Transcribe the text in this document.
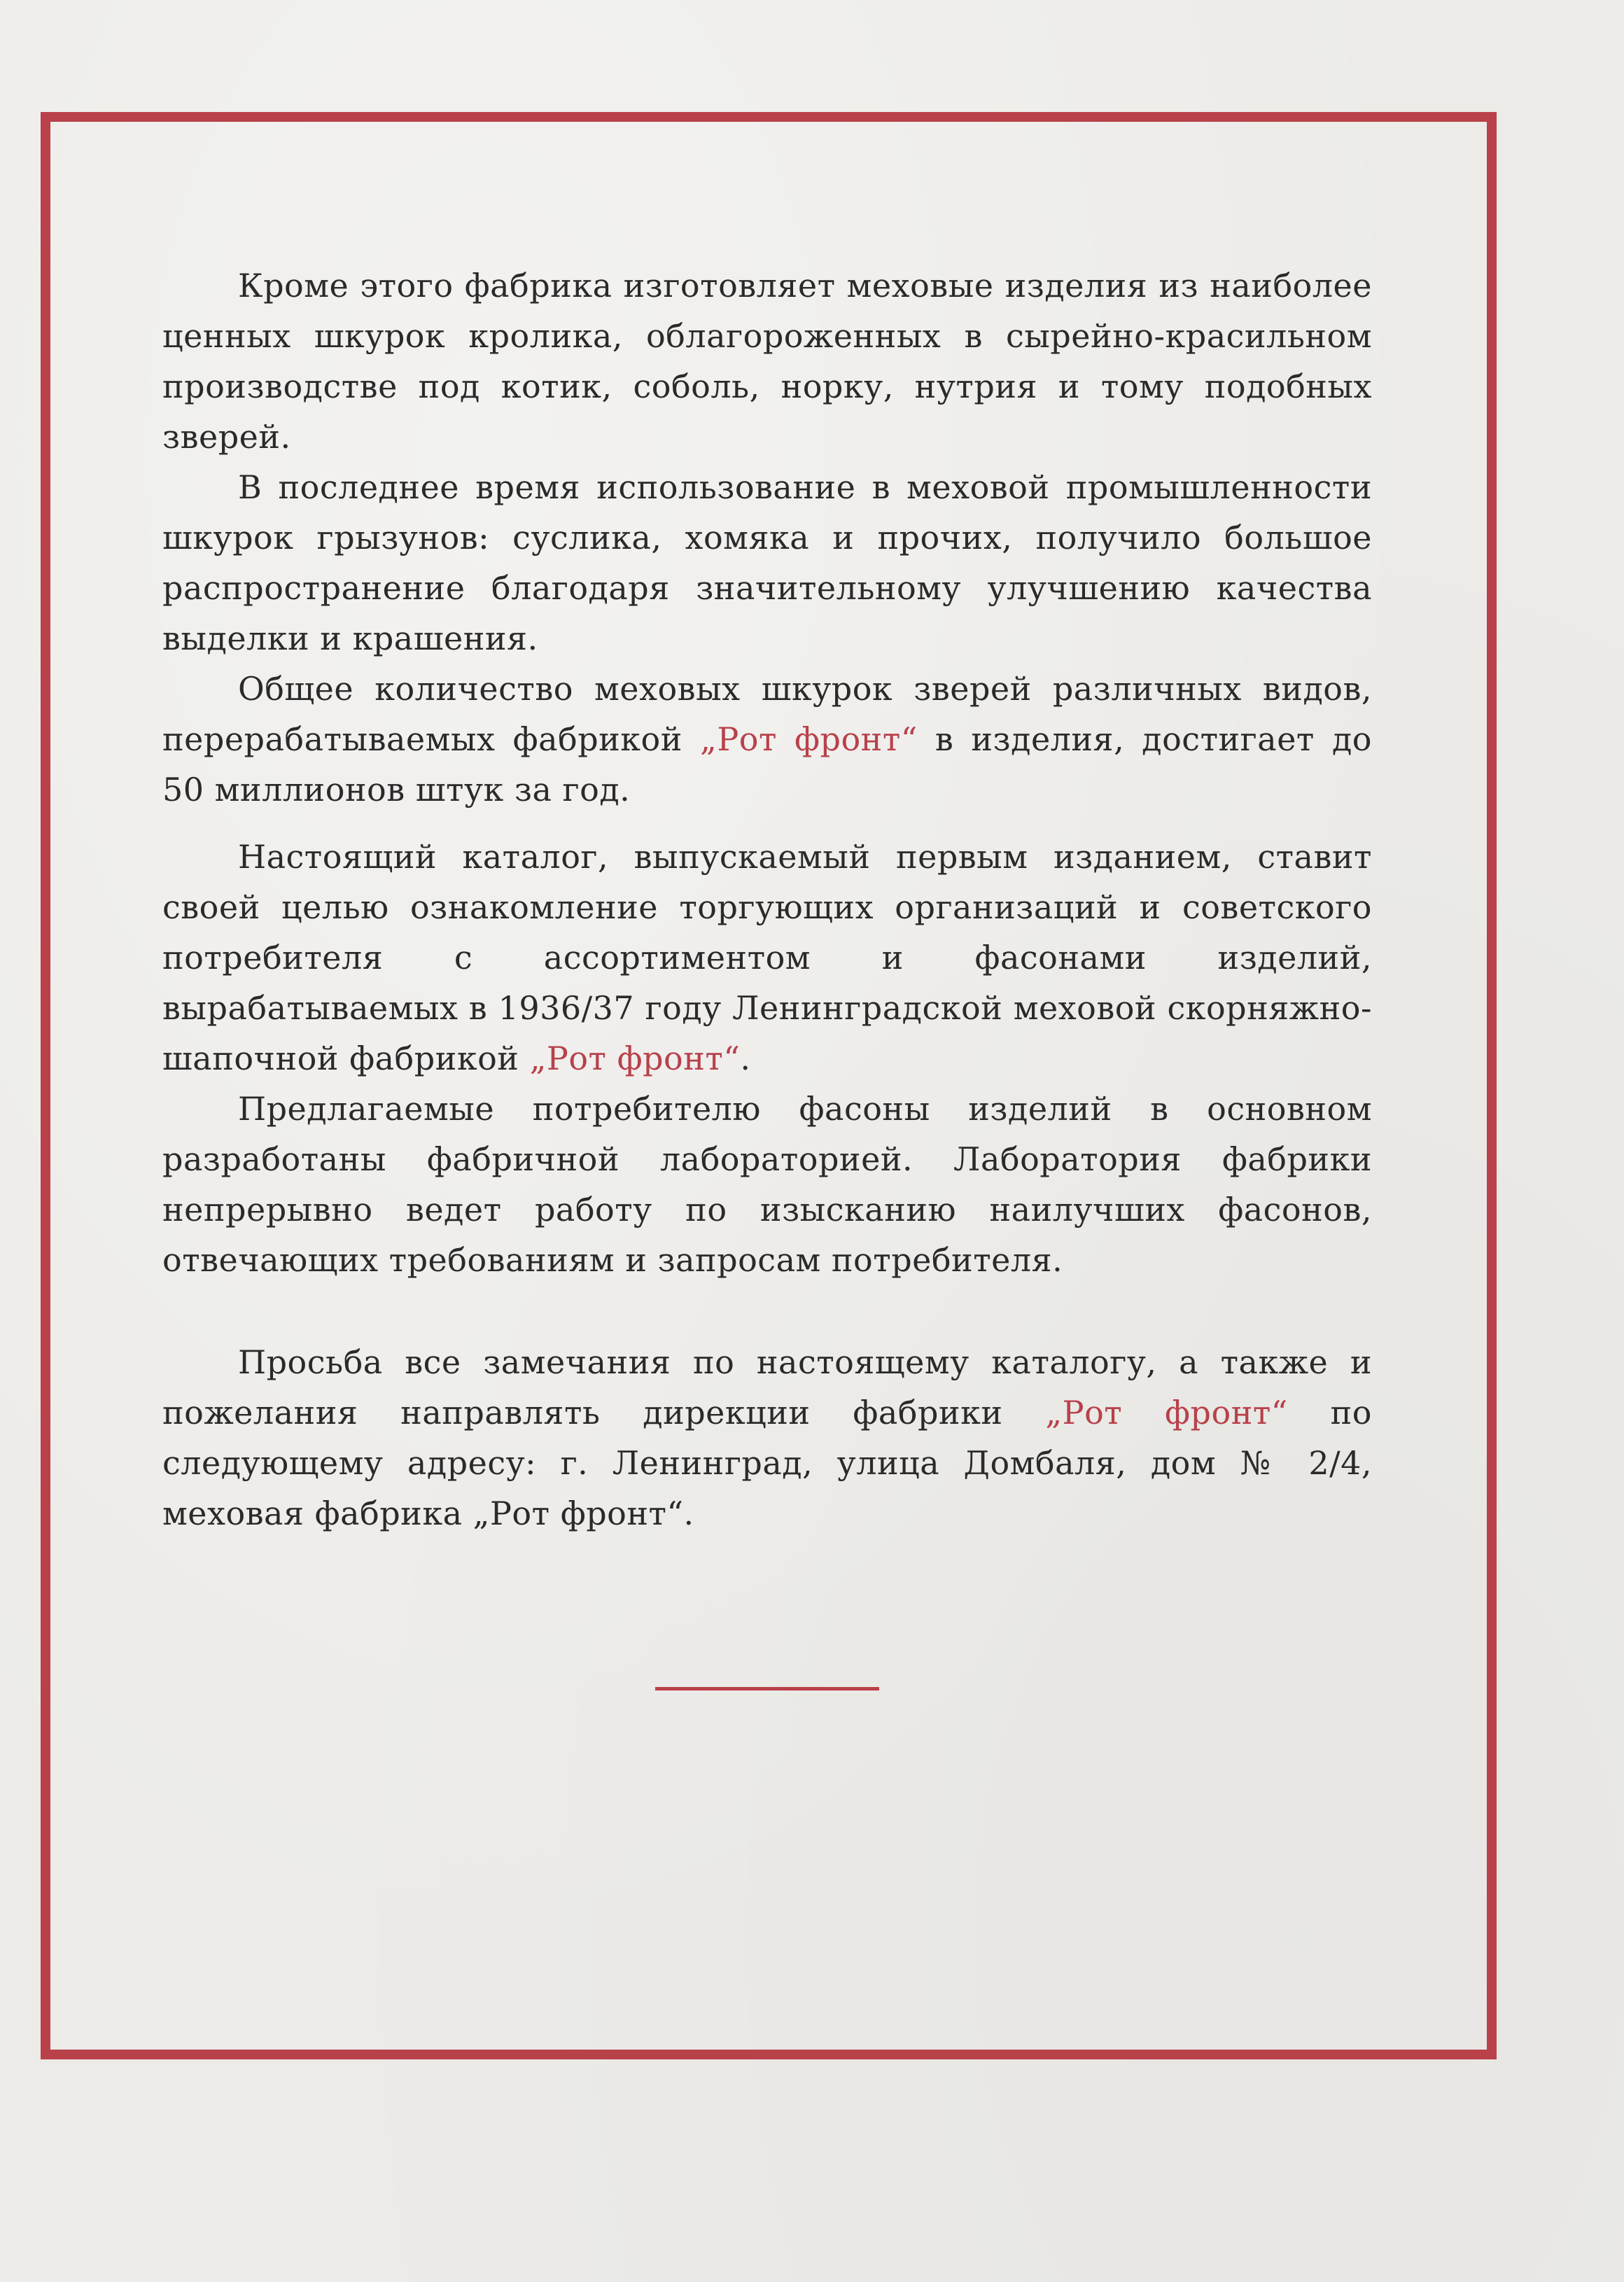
Кроме этого фабрика изготовляет меховые изделия из наиболее ценных шкурок кролика, облагороженных в сырейно-красильном производстве под котик, соболь, норку, нутрия и тому подобных зверей.

В последнее время использование в меховой промышленности шкурок грызунов: суслика, хомяка и прочих, получило большое распространение благодаря значительному улучшению качества выделки и крашения.

Общее количество меховых шкурок зверей различных видов, перерабатываемых фабрикой „Рот фронт“ в изделия, достигает до 50 миллионов штук за год.

Настоящий каталог, выпускаемый первым изданием, ставит своей целью ознакомление торгующих организаций и советского потребителя с ассортиментом и фасонами изделий, вырабатываемых в 1936/37 году Ленинградской меховой скорняжно-шапочной фабрикой „Рот фронт“.

Предлагаемые потребителю фасоны изделий в основном разработаны фабричной лабораторией. Лаборатория фабрики непрерывно ведет работу по изысканию наилучших фасонов, отвечающих требованиям и запросам потребителя.

Просьба все замечания по настоящему каталогу, а также и пожелания направлять дирекции фабрики „Рот фронт“ по следующему адресу: г. Ленинград, улица Домбаля, дом № 2/4, меховая фабрика „Рот фронт“.
